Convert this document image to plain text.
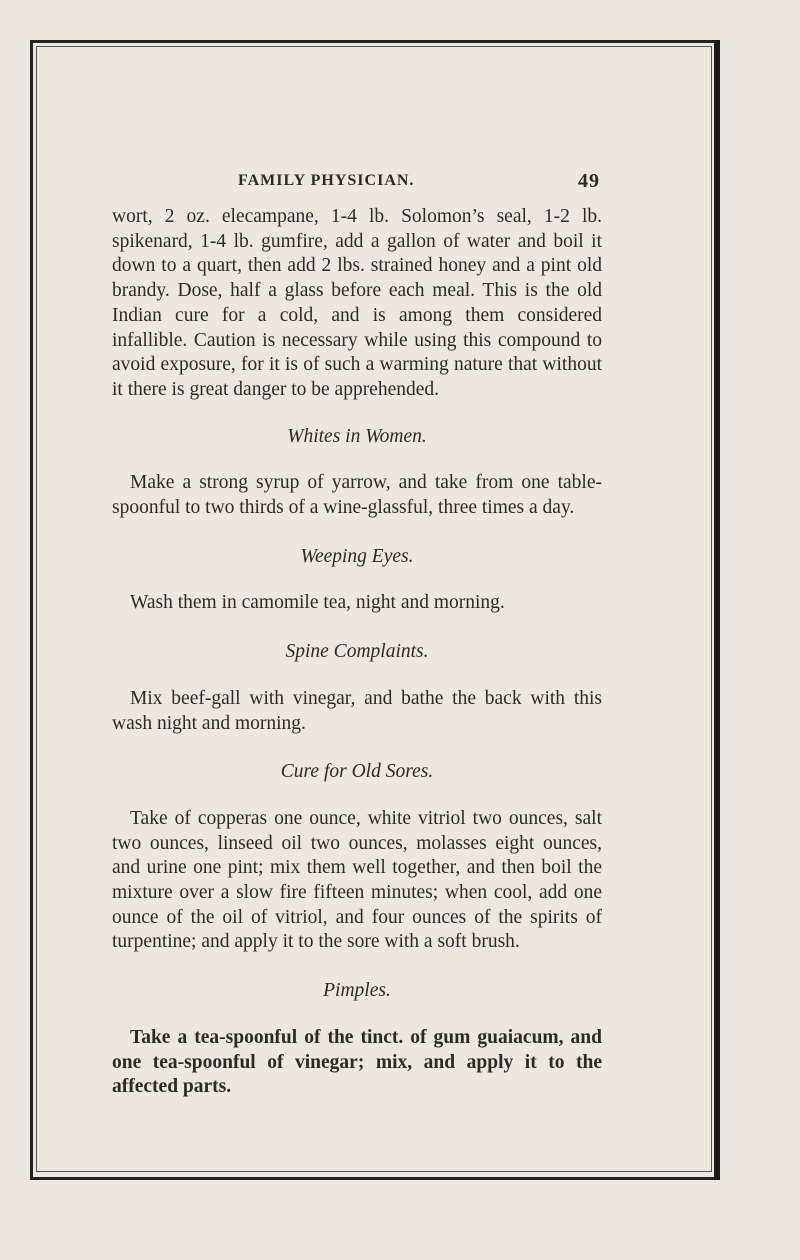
FAMILY PHYSICIAN.	49

wort, 2 oz. elecampane, 1-4 lb. Solomon’s seal, 1-2 lb. spikenard, 1-4 lb. gumfire, add a gallon of water and boil it down to a quart, then add 2 lbs. strained honey and a pint old brandy. Dose, half a glass before each meal. This is the old Indian cure for a cold, and is among them considered infallible. Caution is necessary while using this compound to avoid exposure, for it is of such a warming nature that without it there is great danger to be apprehended.

Whites in Women.

Make a strong syrup of yarrow, and take from one table-spoonful to two thirds of a wine-glassful, three times a day.

Weeping Eyes.

Wash them in camomile tea, night and morning.

Spine Complaints.

Mix beef-gall with vinegar, and bathe the back with this wash night and morning.

Cure for Old Sores.

Take of copperas one ounce, white vitriol two ounces, salt two ounces, linseed oil two ounces, molasses eight ounces, and urine one pint; mix them well together, and then boil the mixture over a slow fire fifteen minutes; when cool, add one ounce of the oil of vitriol, and four ounces of the spirits of turpentine; and apply it to the sore with a soft brush.

Pimples.

Take a tea-spoonful of the tinct. of gum guaiacum, and one tea-spoonful of vinegar; mix, and apply it to the affected parts.
